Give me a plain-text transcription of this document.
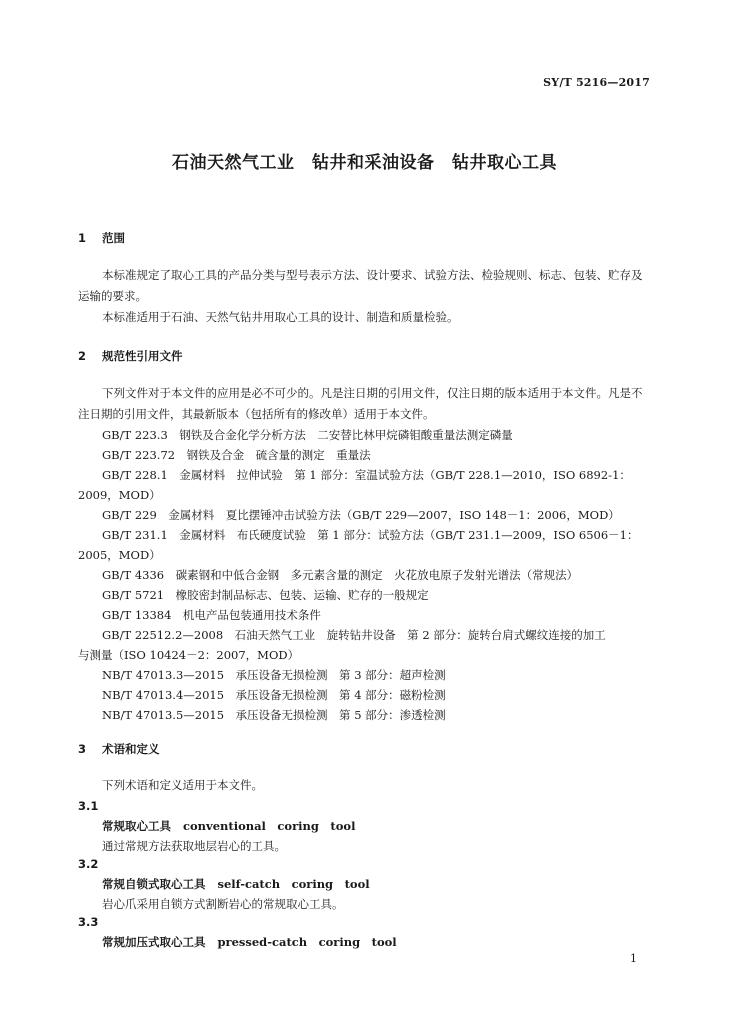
SY/T 5216—2017
石油天然气工业　钻井和采油设备　钻井取心工具
1 范围
本标准规定了取心工具的产品分类与型号表示方法、设计要求、试验方法、检验规则、标志、包装、贮存及运输的要求。
本标准适用于石油、天然气钻井用取心工具的设计、制造和质量检验。
2 规范性引用文件
下列文件对于本文件的应用是必不可少的。凡是注日期的引用文件，仅注日期的版本适用于本文件。凡是不注日期的引用文件，其最新版本（包括所有的修改单）适用于本文件。
GB/T 223.3　钢铁及合金化学分析方法　二安替比林甲烷磷钼酸重量法测定磷量
GB/T 223.72　钢铁及合金　硫含量的测定　重量法
GB/T 228.1　金属材料　拉伸试验　第 1 部分：室温试验方法（GB/T 228.1—2010，ISO 6892-1：
2009，MOD）
GB/T 229　金属材料　夏比摆锤冲击试验方法（GB/T 229—2007，ISO 148－1：2006，MOD）
GB/T 231.1　金属材料　布氏硬度试验　第 1 部分：试验方法（GB/T 231.1—2009，ISO 6506－1：
2005，MOD）
GB/T 4336　碳素钢和中低合金钢　多元素含量的测定　火花放电原子发射光谱法（常规法）
GB/T 5721　橡胶密封制品标志、包装、运输、贮存的一般规定
GB/T 13384　机电产品包装通用技术条件
GB/T 22512.2—2008　石油天然气工业　旋转钻井设备　第 2 部分：旋转台肩式螺纹连接的加工
与测量（ISO 10424－2：2007，MOD）
NB/T 47013.3—2015　承压设备无损检测　第 3 部分：超声检测
NB/T 47013.4—2015　承压设备无损检测　第 4 部分：磁粉检测
NB/T 47013.5—2015　承压设备无损检测　第 5 部分：渗透检测
3 术语和定义
下列术语和定义适用于本文件。
3.1
常规取心工具 conventional　coring　tool
通过常规方法获取地层岩心的工具。
3.2
常规自锁式取心工具 self-catch　coring　tool
岩心爪采用自锁方式割断岩心的常规取心工具。
3.3
常规加压式取心工具 pressed-catch　coring　tool
1
